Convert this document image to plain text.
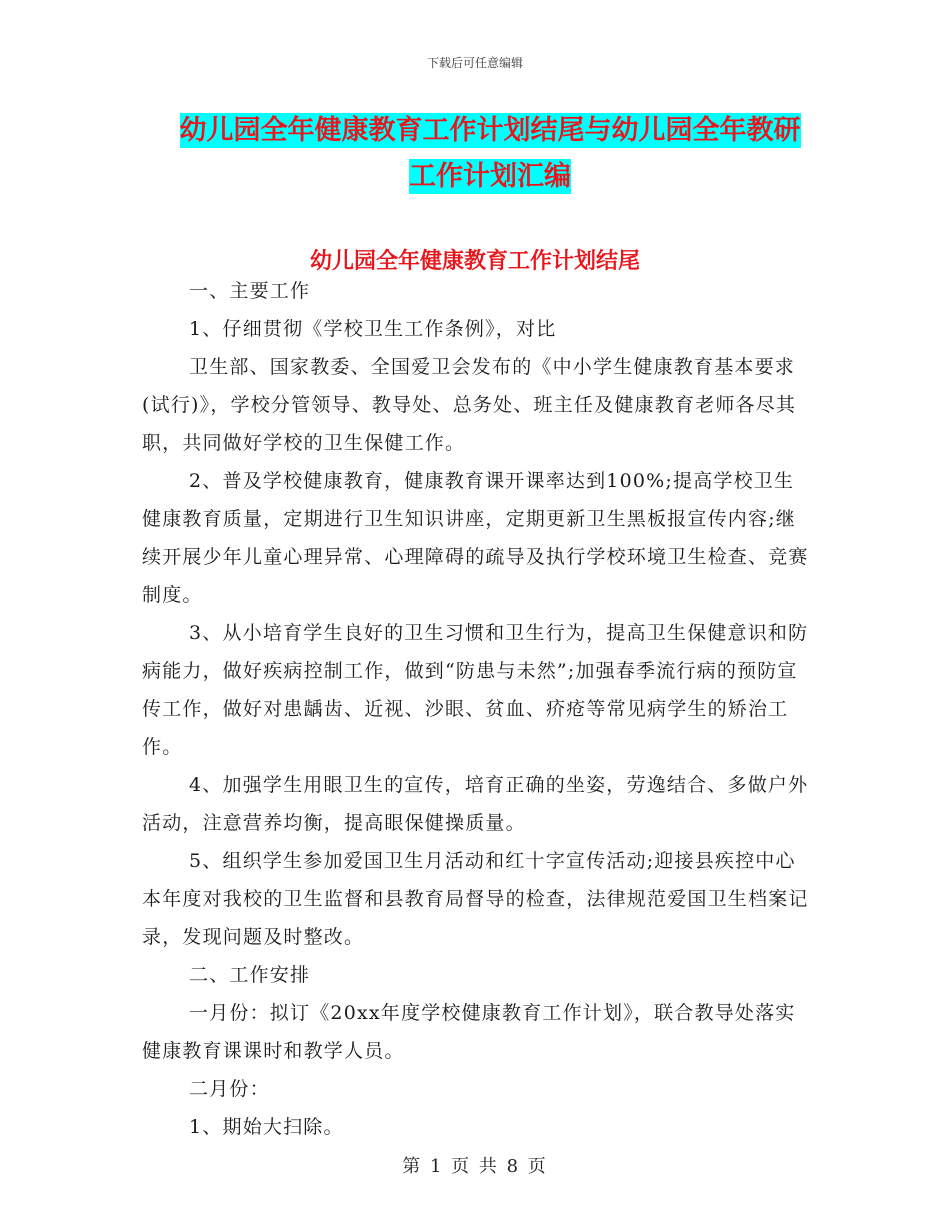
下载后可任意编辑
幼儿园全年健康教育工作计划结尾与幼儿园全年教研
工作计划汇编
幼儿园全年健康教育工作计划结尾

一、主要工作

1、仔细贯彻《学校卫生工作条例》，对比

卫生部、国家教委、全国爱卫会发布的《中小学生健康教育基本要求(试行)》，学校分管领导、教导处、总务处、班主任及健康教育老师各尽其职，共同做好学校的卫生保健工作。

2、普及学校健康教育，健康教育课开课率达到100%;提高学校卫生健康教育质量，定期进行卫生知识讲座，定期更新卫生黑板报宣传内容;继续开展少年儿童心理异常、心理障碍的疏导及执行学校环境卫生检查、竞赛制度。

3、从小培育学生良好的卫生习惯和卫生行为，提高卫生保健意识和防病能力，做好疾病控制工作，做到“防患与未然”;加强春季流行病的预防宣传工作，做好对患龋齿、近视、沙眼、贫血、疥疮等常见病学生的矫治工作。

4、加强学生用眼卫生的宣传，培育正确的坐姿，劳逸结合、多做户外活动，注意营养均衡，提高眼保健操质量。

5、组织学生参加爱国卫生月活动和红十字宣传活动;迎接县疾控中心本年度对我校的卫生监督和县教育局督导的检查，法律规范爱国卫生档案记录，发现问题及时整改。

二、工作安排

一月份：拟订《20xx年度学校健康教育工作计划》，联合教导处落实健康教育课课时和教学人员。

二月份：

1、期始大扫除。

第 1 页 共 8 页
